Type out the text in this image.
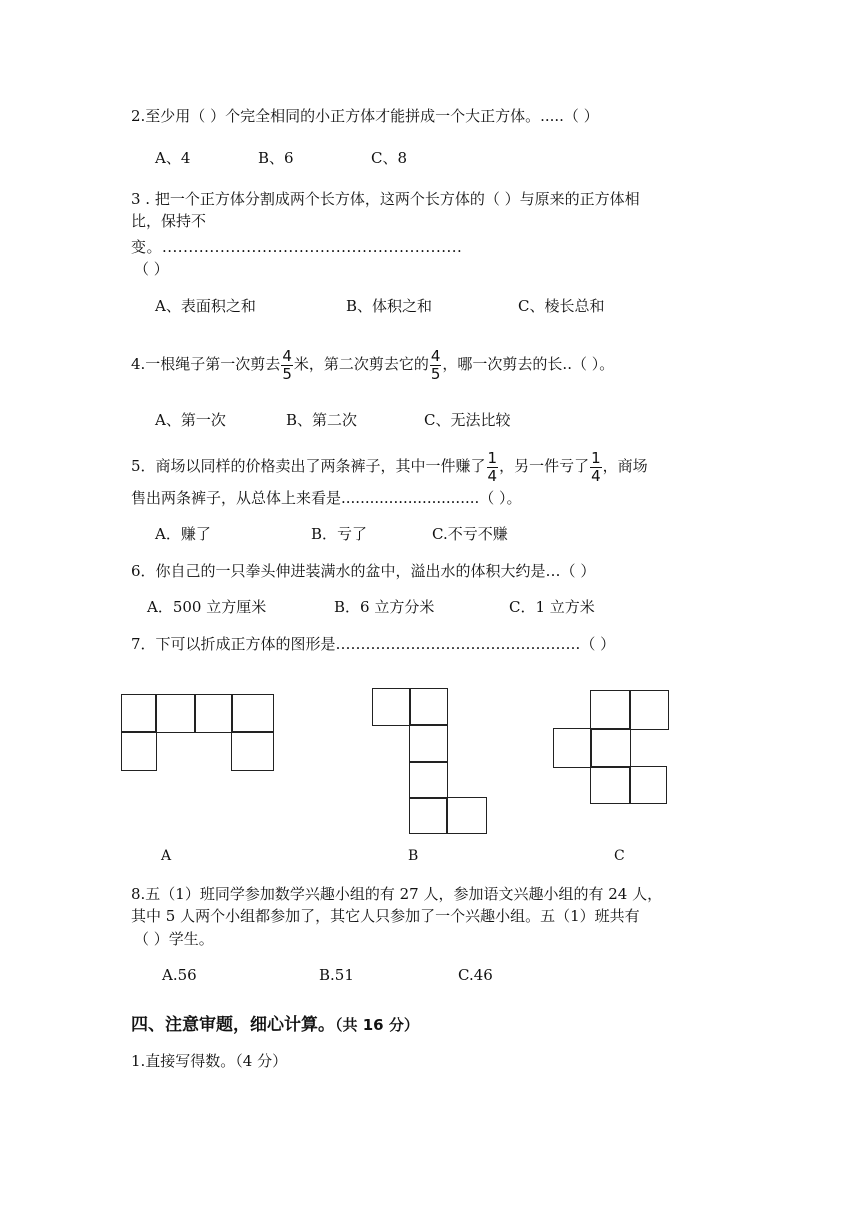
2.至少用（ ）个完全相同的小正方体才能拼成一个大正方体。.....（ ）
A、4	B、6	C、8
3 . 把一个正方体分割成两个长方体，这两个长方体的（ ）与原来的正方体相
比，保持不
变。.........................................................
（ ）
A、表面积之和	B、体积之和	C、棱长总和
4.一根绳子第一次剪去 $\frac{4}{5}$ 米，第二次剪去它的 $\frac{4}{5}$ ，哪一次剪去的长..（ ）。
A、第一次	B、第二次	C、无法比较
5．商场以同样的价格卖出了两条裤子，其中一件赚了 $\frac{1}{4}$ ，另一件亏了 $\frac{1}{4}$ ，商场
售出两条裤子，从总体上来看是.............................（ ）。
A．赚了	B．亏了	C.不亏不赚
6．你自己的一只拳头伸进装满水的盆中，溢出水的体积大约是…（ ）
A．500 立方厘米	B．6 立方分米	C．1 立方米
7．下可以折成正方体的图形是………………………………………….（ ）
A	B	C
8.五（1）班同学参加数学兴趣小组的有 27 人，参加语文兴趣小组的有 24 人，
其中 5 人两个小组都参加了，其它人只参加了一个兴趣小组。五（1）班共有
（ ）学生。
A.56	B.51	C.46
四、注意审题，细心计算。（共 16 分）
1.直接写得数。（4 分）
